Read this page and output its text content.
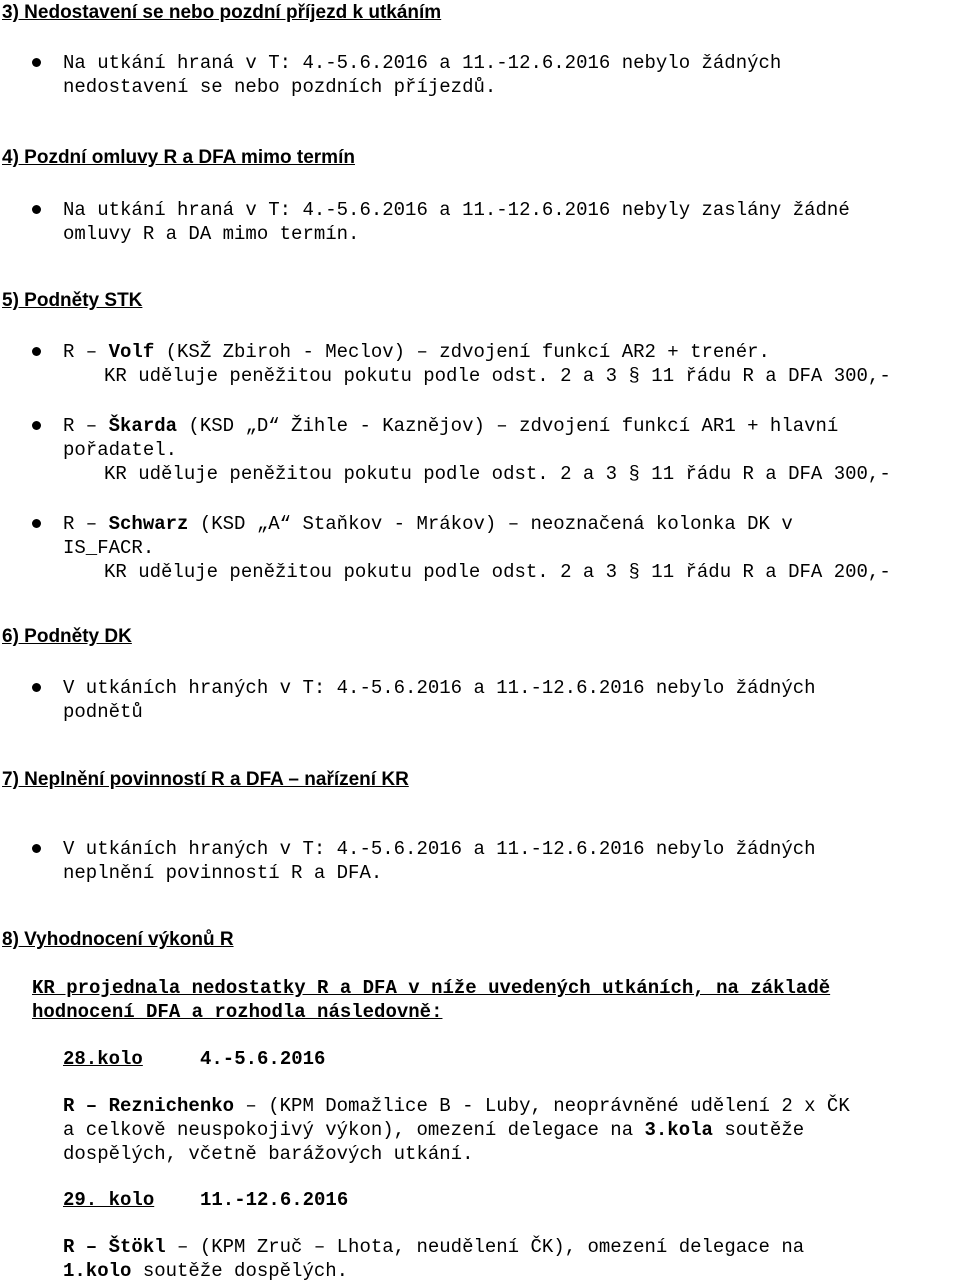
3) Nedostavení se nebo pozdní příjezd k utkáním
Na utkání hraná v T: 4.-5.6.2016 a 11.-12.6.2016 nebylo žádných
nedostavení se nebo pozdních příjezdů.
4) Pozdní omluvy R a DFA mimo termín
Na utkání hraná v T: 4.-5.6.2016 a 11.-12.6.2016 nebyly zaslány žádné
omluvy R a DA mimo termín.
5) Podněty STK
R – Volf (KSŽ Zbiroh - Meclov) – zdvojení funkcí AR2 + trenér.
KR uděluje peněžitou pokutu podle odst. 2 a 3 § 11 řádu R a DFA 300,-
R – Škarda (KSD „D“ Žihle - Kaznějov) – zdvojení funkcí AR1 + hlavní
pořadatel.
KR uděluje peněžitou pokutu podle odst. 2 a 3 § 11 řádu R a DFA 300,-
R – Schwarz (KSD „A“ Staňkov - Mrákov) – neoznačená kolonka DK v
IS_FACR.
KR uděluje peněžitou pokutu podle odst. 2 a 3 § 11 řádu R a DFA 200,-
6) Podněty DK
V utkáních hraných v T: 4.-5.6.2016 a 11.-12.6.2016 nebylo žádných
podnětů
7) Neplnění povinností R a DFA – nařízení KR
V utkáních hraných v T: 4.-5.6.2016 a 11.-12.6.2016 nebylo žádných
neplnění povinností R a DFA.
8) Vyhodnocení výkonů R
KR projednala nedostatky R a DFA v níže uvedených utkáních, na základě
hodnocení DFA a rozhodla následovně:
28.kolo	4.-5.6.2016
R – Reznichenko – (KPM Domažlice B - Luby, neoprávněné udělení 2 x ČK
a celkově neuspokojivý výkon), omezení delegace na 3.kola soutěže
dospělých, včetně barážových utkání.
29. kolo 11.-12.6.2016
R – Štökl – (KPM Zruč – Lhota, neudělení ČK), omezení delegace na
1.kolo soutěže dospělých.
